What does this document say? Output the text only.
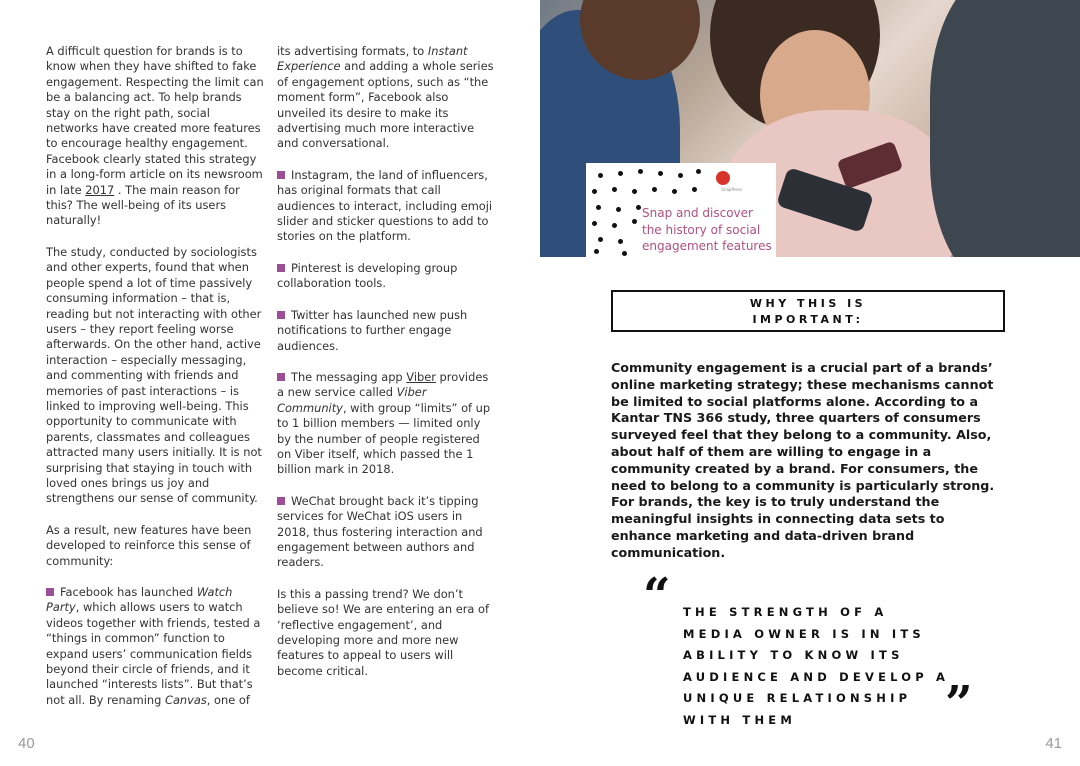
A difficult question for brands is to know when they have shifted to fake engagement. Respecting the limit can be a balancing act. To help brands stay on the right path, social networks have created more features to encourage healthy engagement. Facebook clearly stated this strategy in a long-form article on its newsroom in late 2017 . The main reason for this? The well-being of its users naturally!

The study, conducted by sociologists and other experts, found that when people spend a lot of time passively consuming information – that is, reading but not interacting with other users – they report feeling worse afterwards. On the other hand, active interaction – especially messaging, and commenting with friends and memories of past interactions – is linked to improving well-being. This opportunity to communicate with parents, classmates and colleagues attracted many users initially. It is not surprising that staying in touch with loved ones brings us joy and strengthens our sense of community.

As a result, new features have been developed to reinforce this sense of community:

Facebook has launched Watch Party, which allows users to watch videos together with friends, tested a “things in common” function to expand users’ communication fields beyond their circle of friends, and it launched “interests lists”. But that’s not all. By renaming Canvas, one of

its advertising formats, to Instant Experience and adding a whole series of engagement options, such as “the moment form”, Facebook also unveiled its desire to make its advertising much more interactive and conversational.

Instagram, the land of influencers, has original formats that call audiences to interact, including emoji slider and sticker questions to add to stories on the platform.

Pinterest is developing group collaboration tools.

Twitter has launched new push notifications to further engage audiences.

The messaging app Viber provides a new service called Viber Community, with group “limits” of up to 1 billion members — limited only by the number of people registered on Viber itself, which passed the 1 billion mark in 2018.

WeChat brought back it’s tipping services for WeChat iOS users in 2018, thus fostering interaction and engagement between authors and readers.

Is this a passing trend? We don’t believe so! We are entering an era of ‘reflective engagement’, and developing more and more new features to appeal to users will become critical.

40	41
SnapPress
Snap and discover the history of social engagement features
WHY THIS IS
IMPORTANT:
Community engagement is a crucial part of a brands’ online marketing strategy; these mechanisms cannot be limited to social platforms alone. According to a Kantar TNS 366 study, three quarters of consumers surveyed feel that they belong to a community. Also, about half of them are willing to engage in a community created by a brand. For consumers, the need to belong to a community is particularly strong. For brands, the key is to truly understand the meaningful insights in connecting data sets to enhance marketing and data-driven brand communication.
“ THE STRENGTH OF A MEDIA OWNER IS IN ITS ABILITY TO KNOW ITS AUDIENCE AND DEVELOP A UNIQUE RELATIONSHIP WITH THEM	”
